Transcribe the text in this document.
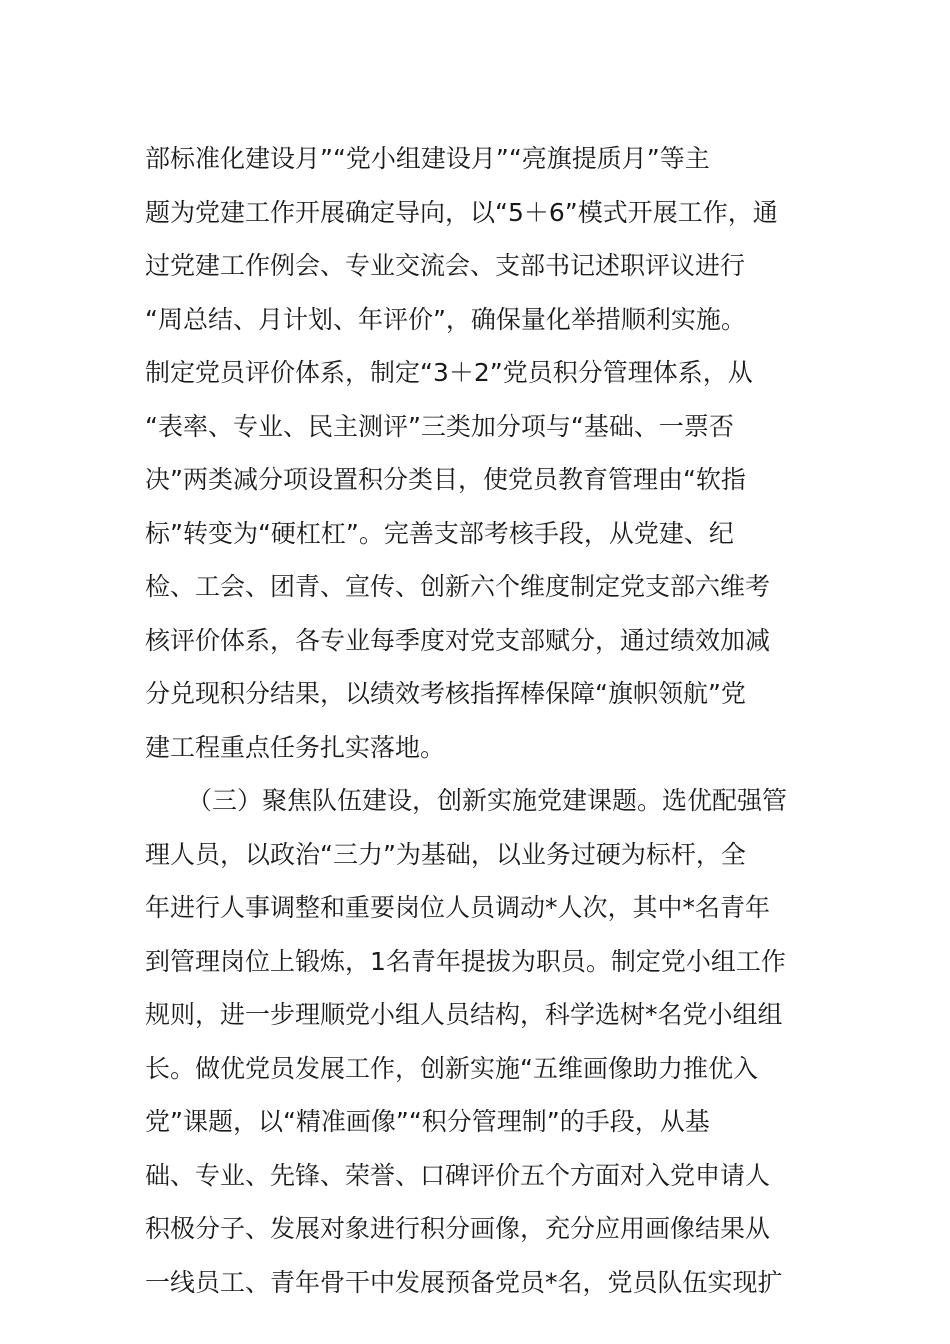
部标准化建设月”“党小组建设月”“亮旗提质月”等主
题为党建工作开展确定导向，以“5＋6”模式开展工作，通
过党建工作例会、专业交流会、支部书记述职评议进行
“周总结、月计划、年评价”，确保量化举措顺利实施。
制定党员评价体系，制定“3＋2”党员积分管理体系，从
“表率、专业、民主测评”三类加分项与“基础、一票否
决”两类减分项设置积分类目，使党员教育管理由“软指
标”转变为“硬杠杠”。完善支部考核手段，从党建、纪
检、工会、团青、宣传、创新六个维度制定党支部六维考
核评价体系，各专业每季度对党支部赋分，通过绩效加减
分兑现积分结果，以绩效考核指挥棒保障“旗帜领航”党
建工程重点任务扎实落地。
（三）聚焦队伍建设，创新实施党建课题。选优配强管
理人员，以政治“三力”为基础，以业务过硬为标杆，全
年进行人事调整和重要岗位人员调动*人次，其中*名青年
到管理岗位上锻炼，1名青年提拔为职员。制定党小组工作
规则，进一步理顺党小组人员结构，科学选树*名党小组组
长。做优党员发展工作，创新实施“五维画像助力推优入
党”课题，以“精准画像”“积分管理制”的手段，从基
础、专业、先锋、荣誉、口碑评价五个方面对入党申请人
积极分子、发展对象进行积分画像，充分应用画像结果从
一线员工、青年骨干中发展预备党员*名，党员队伍实现扩
